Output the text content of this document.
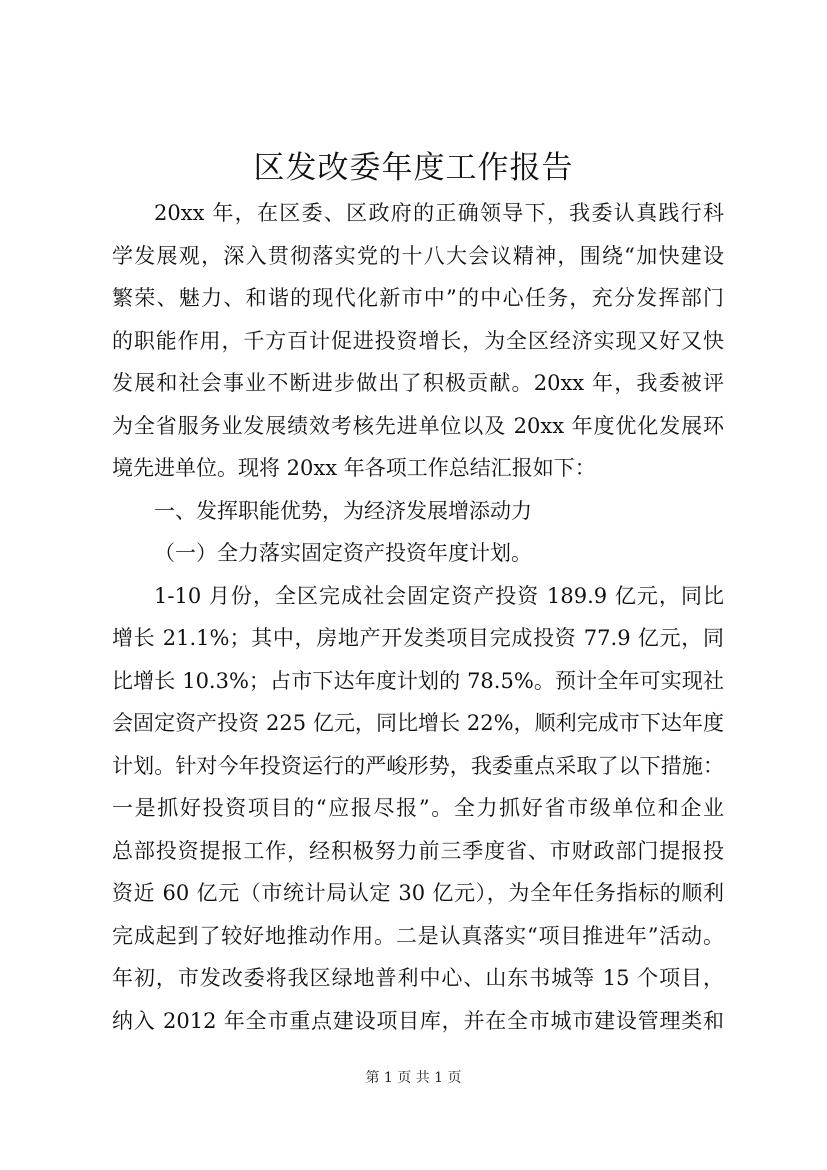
区发改委年度工作报告
20xx 年，在区委、区政府的正确领导下，我委认真践行科
学发展观，深入贯彻落实党的十八大会议精神，围绕“加快建设
繁荣、魅力、和谐的现代化新市中”的中心任务，充分发挥部门
的职能作用，千方百计促进投资增长，为全区经济实现又好又快
发展和社会事业不断进步做出了积极贡献。20xx 年，我委被评
为全省服务业发展绩效考核先进单位以及 20xx 年度优化发展环
境先进单位。现将 20xx 年各项工作总结汇报如下：
一、发挥职能优势，为经济发展增添动力
（一）全力落实固定资产投资年度计划。
1-10 月份，全区完成社会固定资产投资 189.9 亿元，同比
增长 21.1%；其中，房地产开发类项目完成投资 77.9 亿元，同
比增长 10.3%；占市下达年度计划的 78.5%。预计全年可实现社
会固定资产投资 225 亿元，同比增长 22%，顺利完成市下达年度
计划。针对今年投资运行的严峻形势，我委重点采取了以下措施：
一是抓好投资项目的“应报尽报”。全力抓好省市级单位和企业
总部投资提报工作，经积极努力前三季度省、市财政部门提报投
资近 60 亿元（市统计局认定 30 亿元），为全年任务指标的顺利
完成起到了较好地推动作用。二是认真落实“项目推进年”活动。
年初，市发改委将我区绿地普利中心、山东书城等 15 个项目，
纳入 2012 年全市重点建设项目库，并在全市城市建设管理类和
第 1 页 共 1 页
